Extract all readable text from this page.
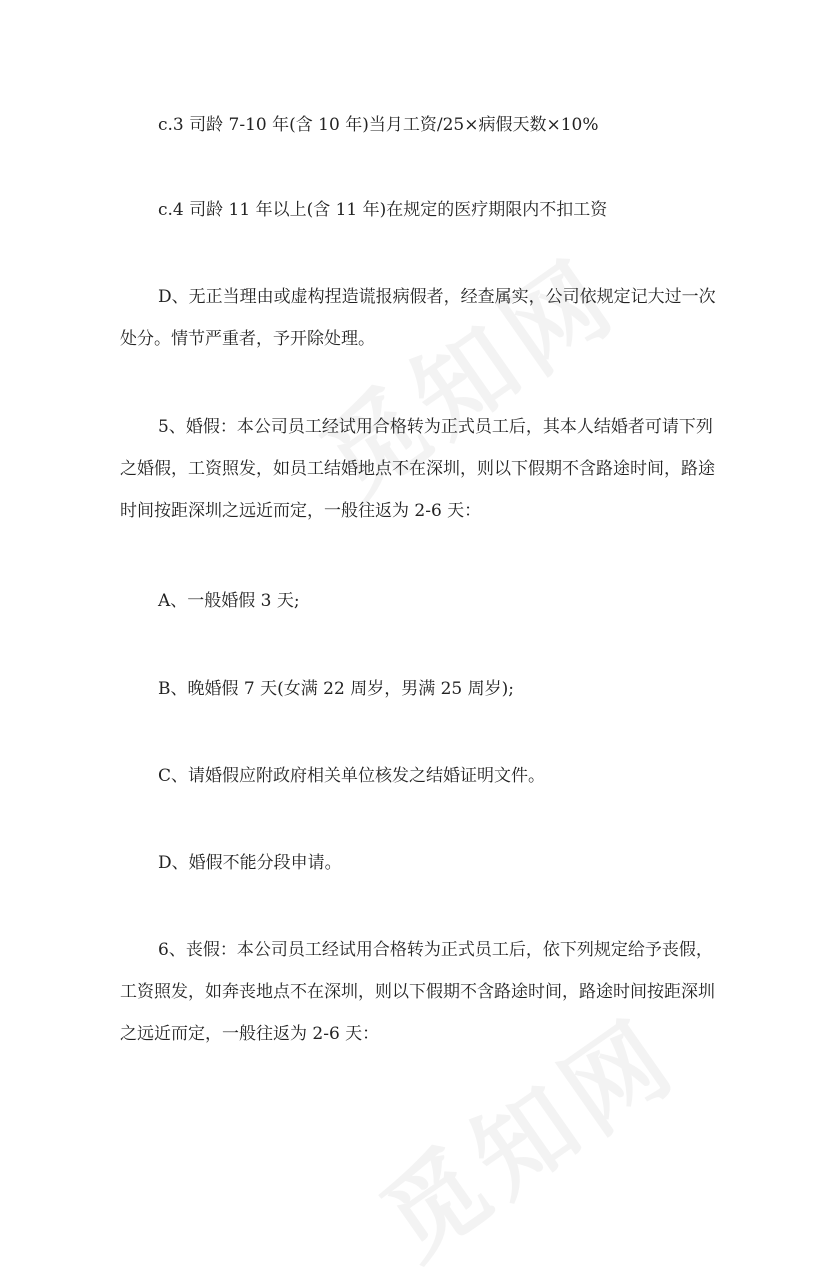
c.3 司龄 7-10 年(含 10 年)当月工资/25×病假天数×10%

c.4 司龄 11 年以上(含 11 年)在规定的医疗期限内不扣工资

D、无正当理由或虚构捏造谎报病假者，经查属实，公司依规定记大过一次
处分。情节严重者，予开除处理。

5、婚假：本公司员工经试用合格转为正式员工后，其本人结婚者可请下列
之婚假，工资照发，如员工结婚地点不在深圳，则以下假期不含路途时间，路途
时间按距深圳之远近而定，一般往返为 2-6 天：

A、一般婚假 3 天;

B、晚婚假 7 天(女满 22 周岁，男满 25 周岁);

C、请婚假应附政府相关单位核发之结婚证明文件。

D、婚假不能分段申请。

6、丧假：本公司员工经试用合格转为正式员工后，依下列规定给予丧假，
工资照发，如奔丧地点不在深圳，则以下假期不含路途时间，路途时间按距深圳
之远近而定，一般往返为 2-6 天：
